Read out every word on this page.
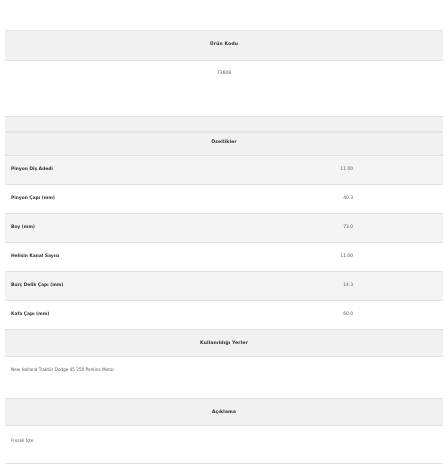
Ürün Kodu
73608
Özellikler
Pinyon Diş Adedi	11.00
Pinyon Çapı (mm)	40.3
Boy (mm)	73.0
Helisin Kanal Sayısı	11.00
Burç Delik Çapı (mm)	14.3
Kafa Çapı (mm)	60.0
Kullanıldığı Yerler
New Holland Traktör Dodge 45 250 Perkins Motor
Açıklama
Frezeli İçte
